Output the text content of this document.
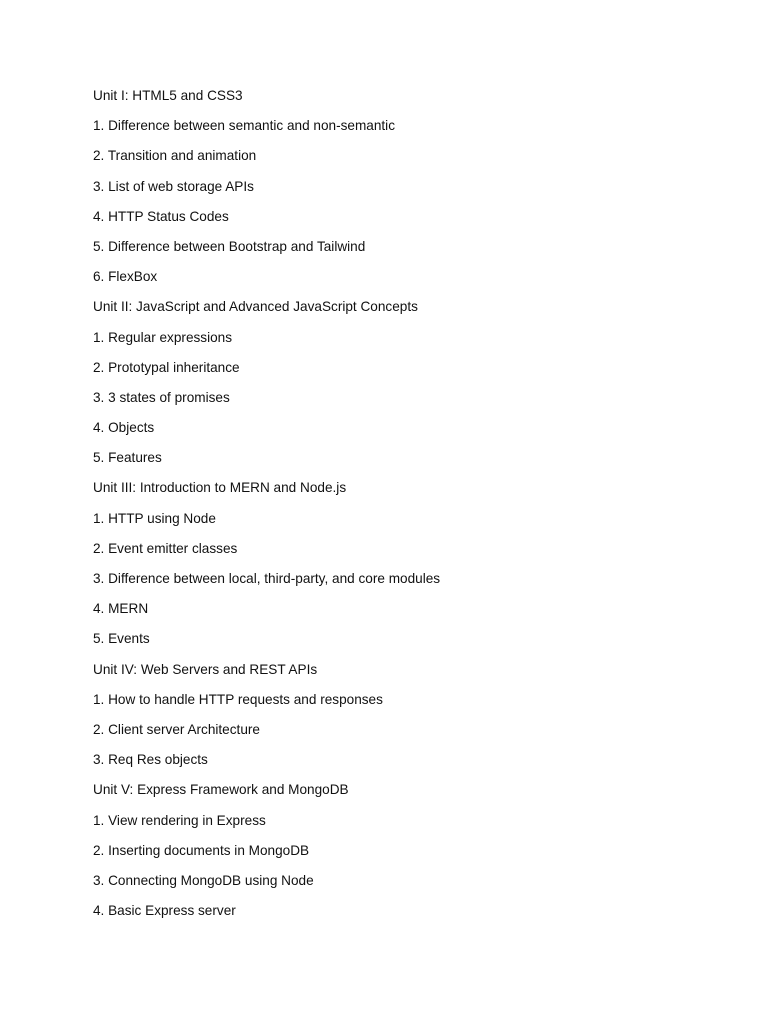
Unit I: HTML5 and CSS3
1. Difference between semantic and non-semantic
2. Transition and animation
3. List of web storage APIs
4. HTTP Status Codes
5. Difference between Bootstrap and Tailwind
6. FlexBox
Unit II: JavaScript and Advanced JavaScript Concepts
1. Regular expressions
2. Prototypal inheritance
3. 3 states of promises
4. Objects
5. Features
Unit III: Introduction to MERN and Node.js
1. HTTP using Node
2. Event emitter classes
3. Difference between local, third-party, and core modules
4. MERN
5. Events
Unit IV: Web Servers and REST APIs
1. How to handle HTTP requests and responses
2. Client server Architecture
3. Req Res objects
Unit V: Express Framework and MongoDB
1. View rendering in Express
2. Inserting documents in MongoDB
3. Connecting MongoDB using Node
4. Basic Express server
